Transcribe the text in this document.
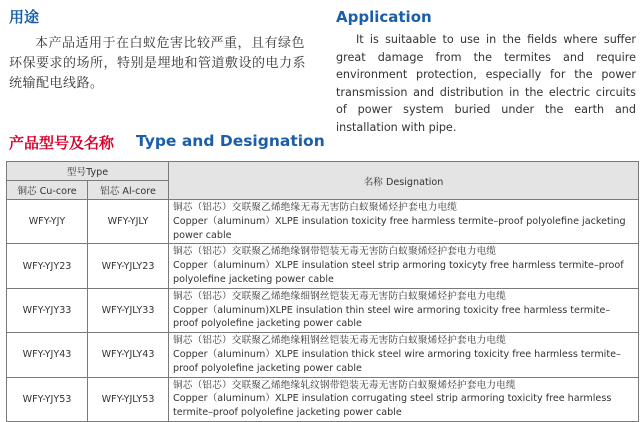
用途
本产品适用于在白蚁危害比较严重，且有绿色环保要求的场所，特别是埋地和管道敷设的电力系统输配电线路。
Application
It is suitaable to use in the fields where suffer great damage from the termites and require environment protection, especially for the power transmission and distribution in the electric circuits of power system buried under the earth and installation with pipe.
产品型号及名称 Type and Designation
型号Type		名称 Designation
铜芯 Cu-core	铝芯 Al-core	
WFY-YJY	WFY-YJLY	铜芯（铝芯）交联聚乙烯绝缘无毒无害防白蚁聚烯烃护套电力电缆
Copper（aluminum）XLPE insulation toxicity free harmless termite–proof polyolefine jacketing power cable

WFY-YJY23	WFY-YJLY23	铜芯（铝芯）交联聚乙烯绝缘钢带铠装无毒无害防白蚁聚烯烃护套电力电缆
Copper（aluminum）XLPE insulation steel strip armoring toxicyty free harmless termite–proof polyolefine jacketing power cable

WFY-YJY33	WFY-YJLY33	铜芯（铝芯）交联聚乙烯绝缘细钢丝铠装无毒无害防白蚁聚烯烃护套电力电缆
Copper（aluminum)XLPE insulation thin steel wire armoring toxicity free harmless termite–proof polyolefine jacketing power cable

WFY-YJY43	WFY-YJLY43	铜芯（铝芯）交联聚乙烯绝缘粗钢丝铠装无毒无害防白蚁聚烯烃护套电力电缆
Copper（aluminum）XLPE insulation thick steel wire armoring toxicity free harmless termite–proof polyolefine jacketing power cable

WFY-YJY53	WFY-YJLY53	铜芯（铝芯）交联聚乙烯绝缘轧纹钢带铠装无毒无害防白蚁聚烯烃护套电力电缆
Copper（aluminum）XLPE insulation corrugating steel strip armoring toxicity free harmless termite–proof polyolefine jacketing power cable
